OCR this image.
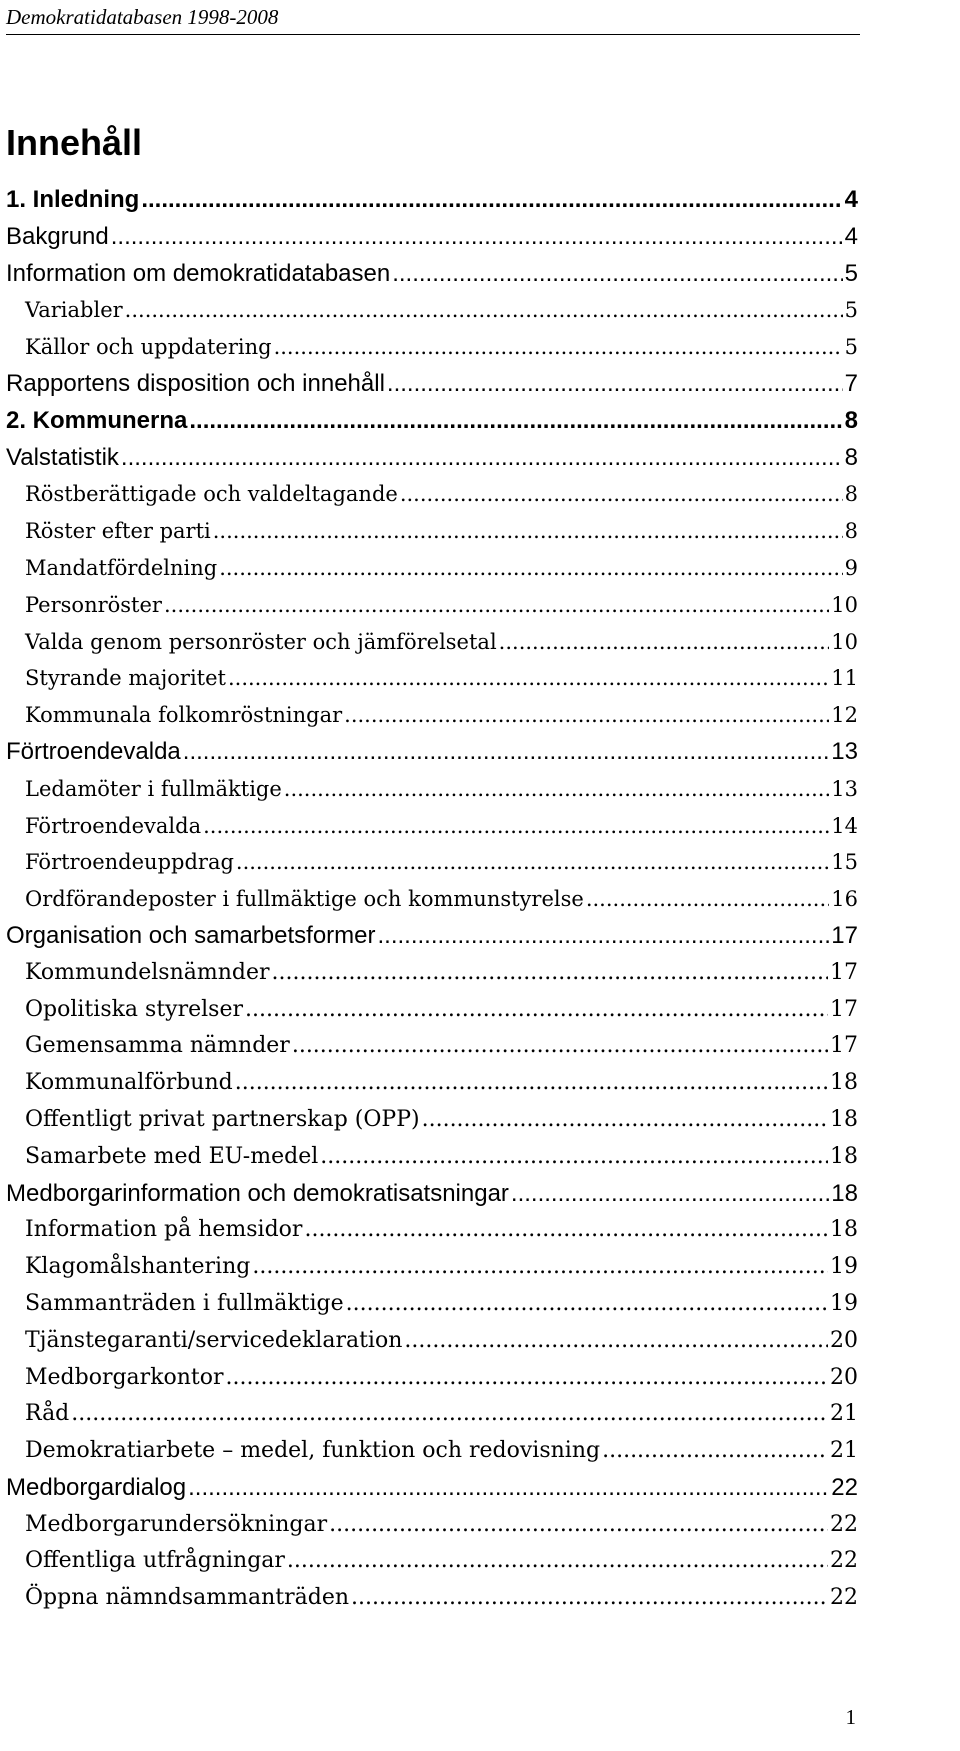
Demokratidatabasen 1998-2008
Innehåll
1. Inledning .....	4
Bakgrund .....	4
Information om demokratidatabasen .....	5
Variabler .....	5
Källor och uppdatering .....	5
Rapportens disposition och innehåll .....	7
2. Kommunerna .....	8
Valstatistik .....	8
Röstberättigade och valdeltagande .....	8
Röster efter parti .....	8
Mandatfördelning .....	9
Personröster .....	10
Valda genom personröster och jämförelsetal .....	10
Styrande majoritet .....	11
Kommunala folkomröstningar .....	12
Förtroendevalda .....	13
Ledamöter i fullmäktige .....	13
Förtroendevalda .....	14
Förtroendeuppdrag .....	15
Ordförandeposter i fullmäktige och kommunstyrelse .....	16
Organisation och samarbetsformer .....	17
Kommundelsnämnder .....	17
Opolitiska styrelser .....	17
Gemensamma nämnder .....	17
Kommunalförbund .....	18
Offentligt privat partnerskap (OPP) .....	18
Samarbete med EU-medel .....	18
Medborgarinformation och demokratisatsningar .....	18
Information på hemsidor .....	18
Klagomålshantering .....	19
Sammanträden i fullmäktige .....	19
Tjänstegaranti/servicedeklaration .....	20
Medborgarkontor .....	20
Råd .....	21
Demokratiarbete – medel, funktion och redovisning .....	21
Medborgardialog .....	22
Medborgarundersökningar .....	22
Offentliga utfrågningar .....	22
Öppna nämndsammanträden .....	22
1
